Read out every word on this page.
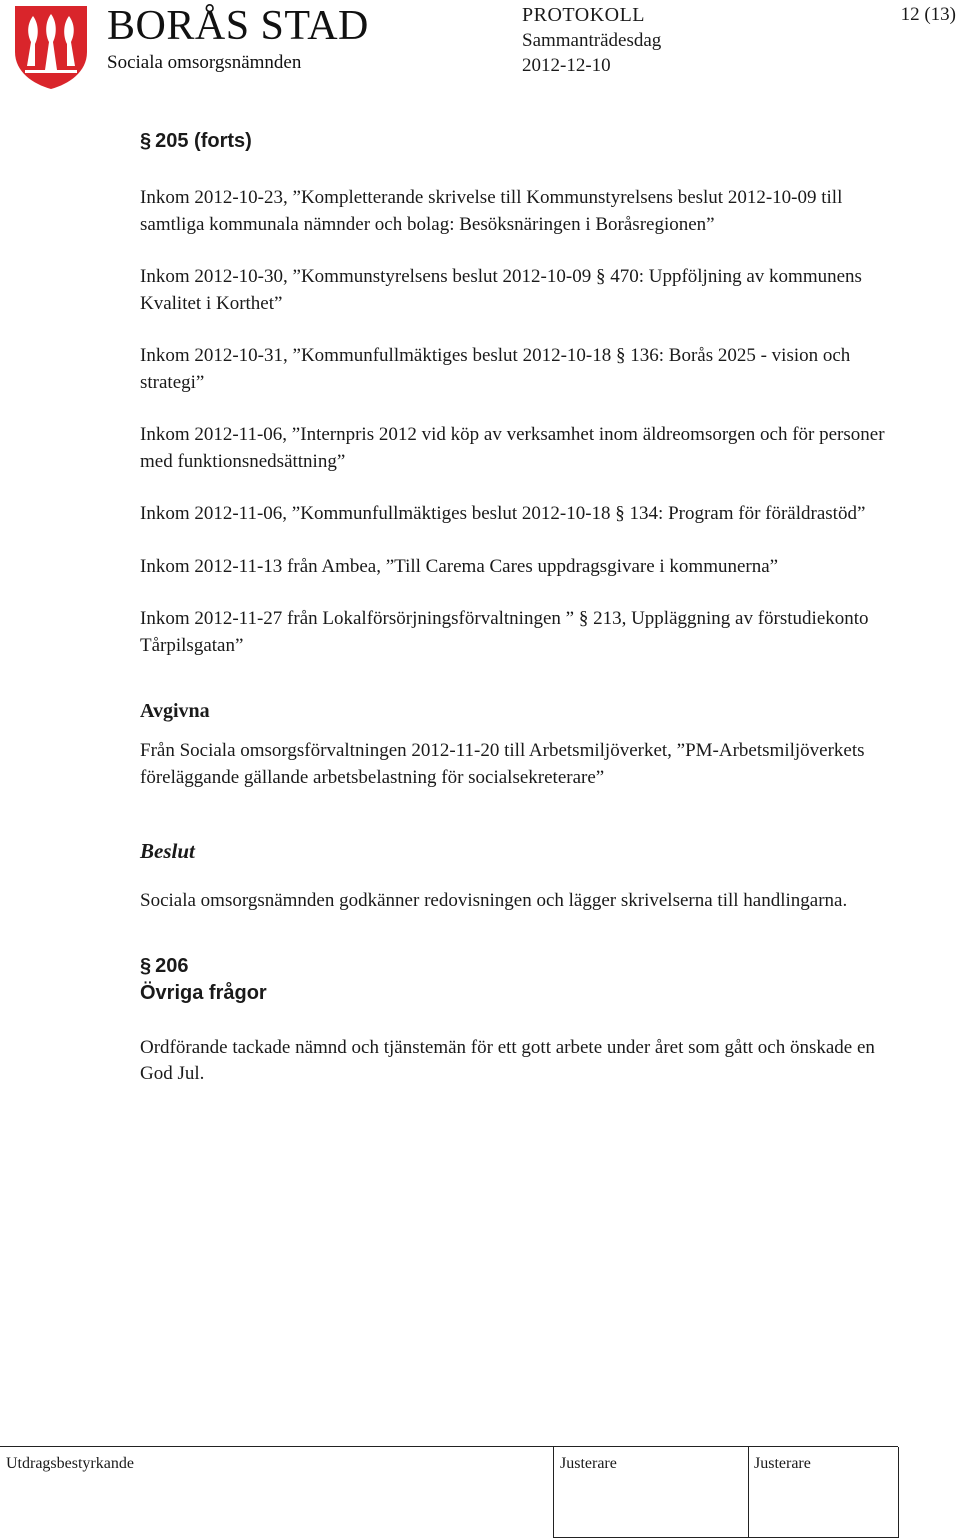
BORÅS STAD
Sociala omsorgsnämnden
PROTOKOLL
Sammanträdesdag
2012-12-10
12 (13)
§ 205 (forts)

Inkom 2012-10-23, ”Kompletterande skrivelse till Kommunstyrelsens beslut 2012-10-09 till samtliga kommunala nämnder och bolag: Besöksnäringen i Boråsregionen”

Inkom 2012-10-30, ”Kommunstyrelsens beslut 2012-10-09 § 470: Uppföljning av kommunens Kvalitet i Korthet”

Inkom 2012-10-31, ”Kommunfullmäktiges beslut 2012-10-18 § 136: Borås 2025 - vision och strategi”

Inkom 2012-11-06, ”Internpris 2012 vid köp av verksamhet inom äldreomsorgen och för personer med funktionsnedsättning”

Inkom 2012-11-06, ”Kommunfullmäktiges beslut 2012-10-18 § 134: Program för föräldrastöd”

Inkom 2012-11-13 från Ambea, ”Till Carema Cares uppdragsgivare i kommunerna”

Inkom 2012-11-27 från Lokalförsörjningsförvaltningen ” § 213, Uppläggning av förstudiekonto Tårpilsgatan”

Avgivna

Från Sociala omsorgsförvaltningen 2012-11-20 till Arbetsmiljöverket, ”PM-Arbetsmiljöverkets föreläggande gällande arbetsbelastning för socialsekreterare”

Beslut

Sociala omsorgsnämnden godkänner redovisningen och lägger skrivelserna till handlingarna.

§ 206
Övriga frågor

Ordförande tackade nämnd och tjänstemän för ett gott arbete under året som gått och önskade en God Jul.

Utdragsbestyrkande	Justerare	Justerare
